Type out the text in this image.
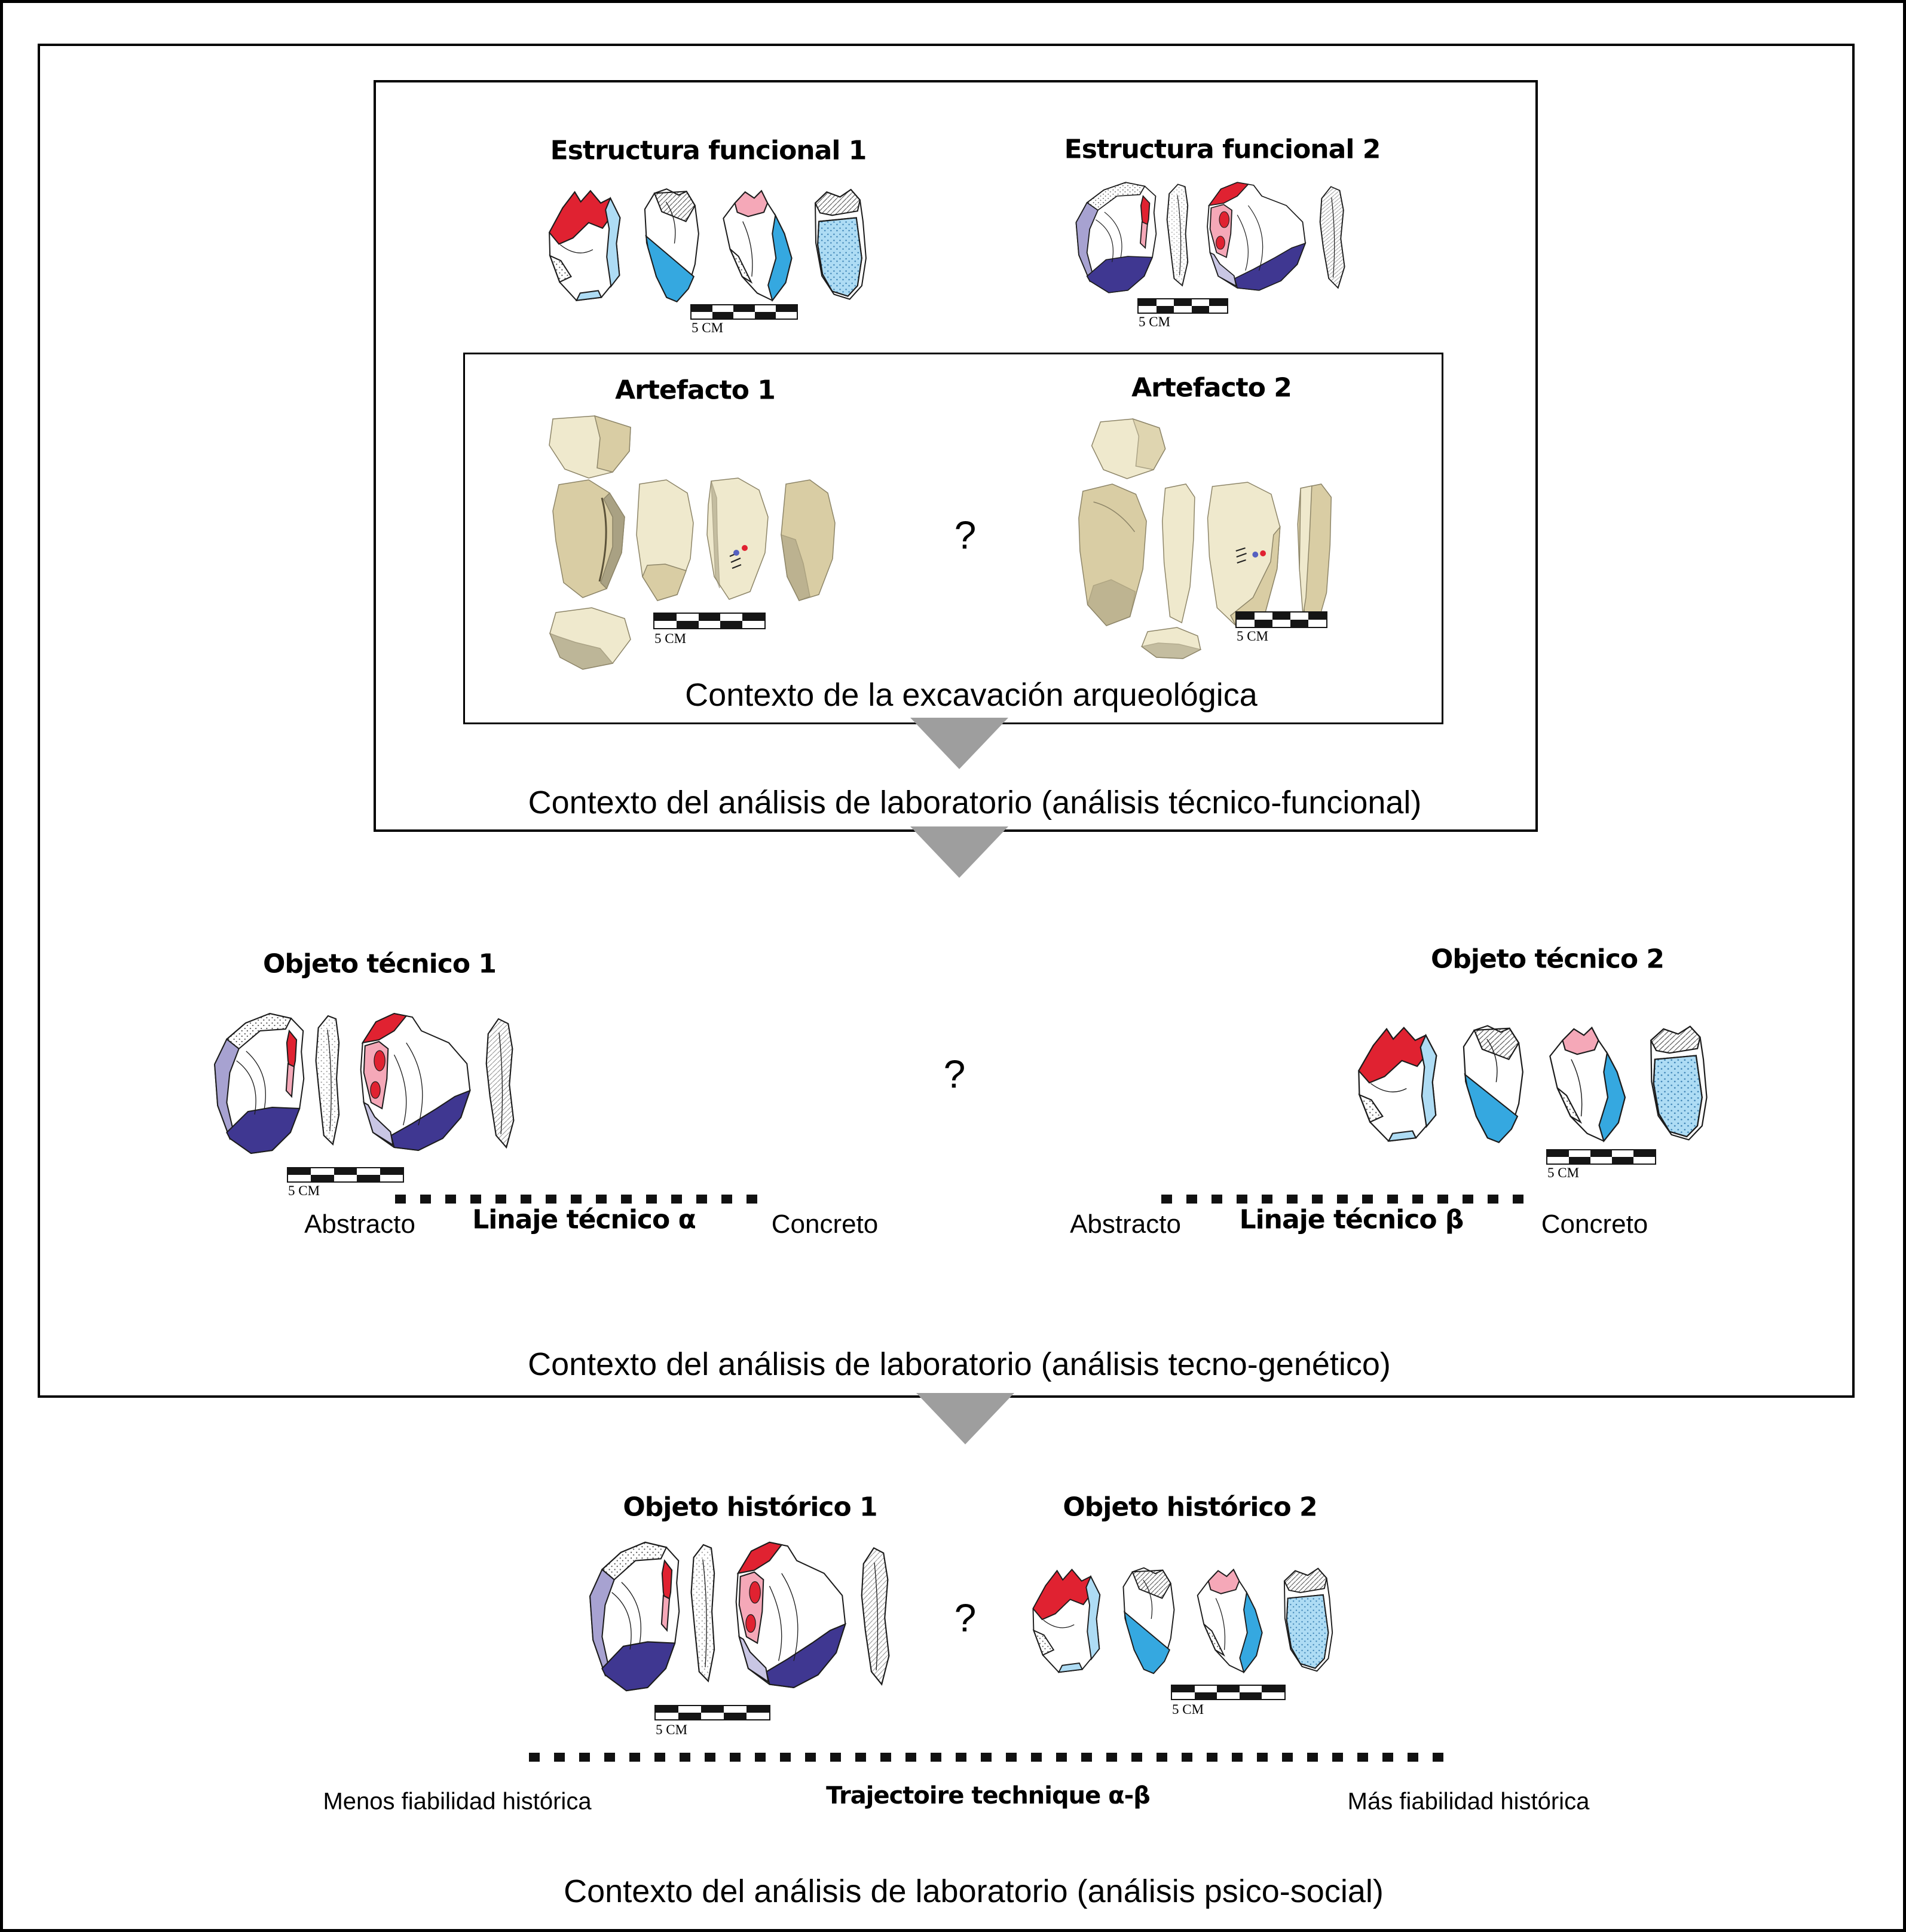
5 CM	5 CM
5 CM	5 CM
5 CM
5 CM
5 CM
5 CM
Estructura funcional 1	Estructura funcional 2
Artefacto 1	Artefacto 2
?
Contexto de la excavación arqueológica
Contexto del análisis de laboratorio (análisis técnico-funcional)
Objeto técnico 1	Objeto técnico 2
?
Abstracto Linaje técnico α	Concreto	Abstracto Linaje técnico β	Concreto
Contexto del análisis de laboratorio (análisis tecno-genético)
Objeto histórico 1	Objeto histórico 2
?
Menos fiabilidad histórica	Trajectoire technique α-β	Más fiabilidad histórica
Contexto del análisis de laboratorio (análisis psico-social)
